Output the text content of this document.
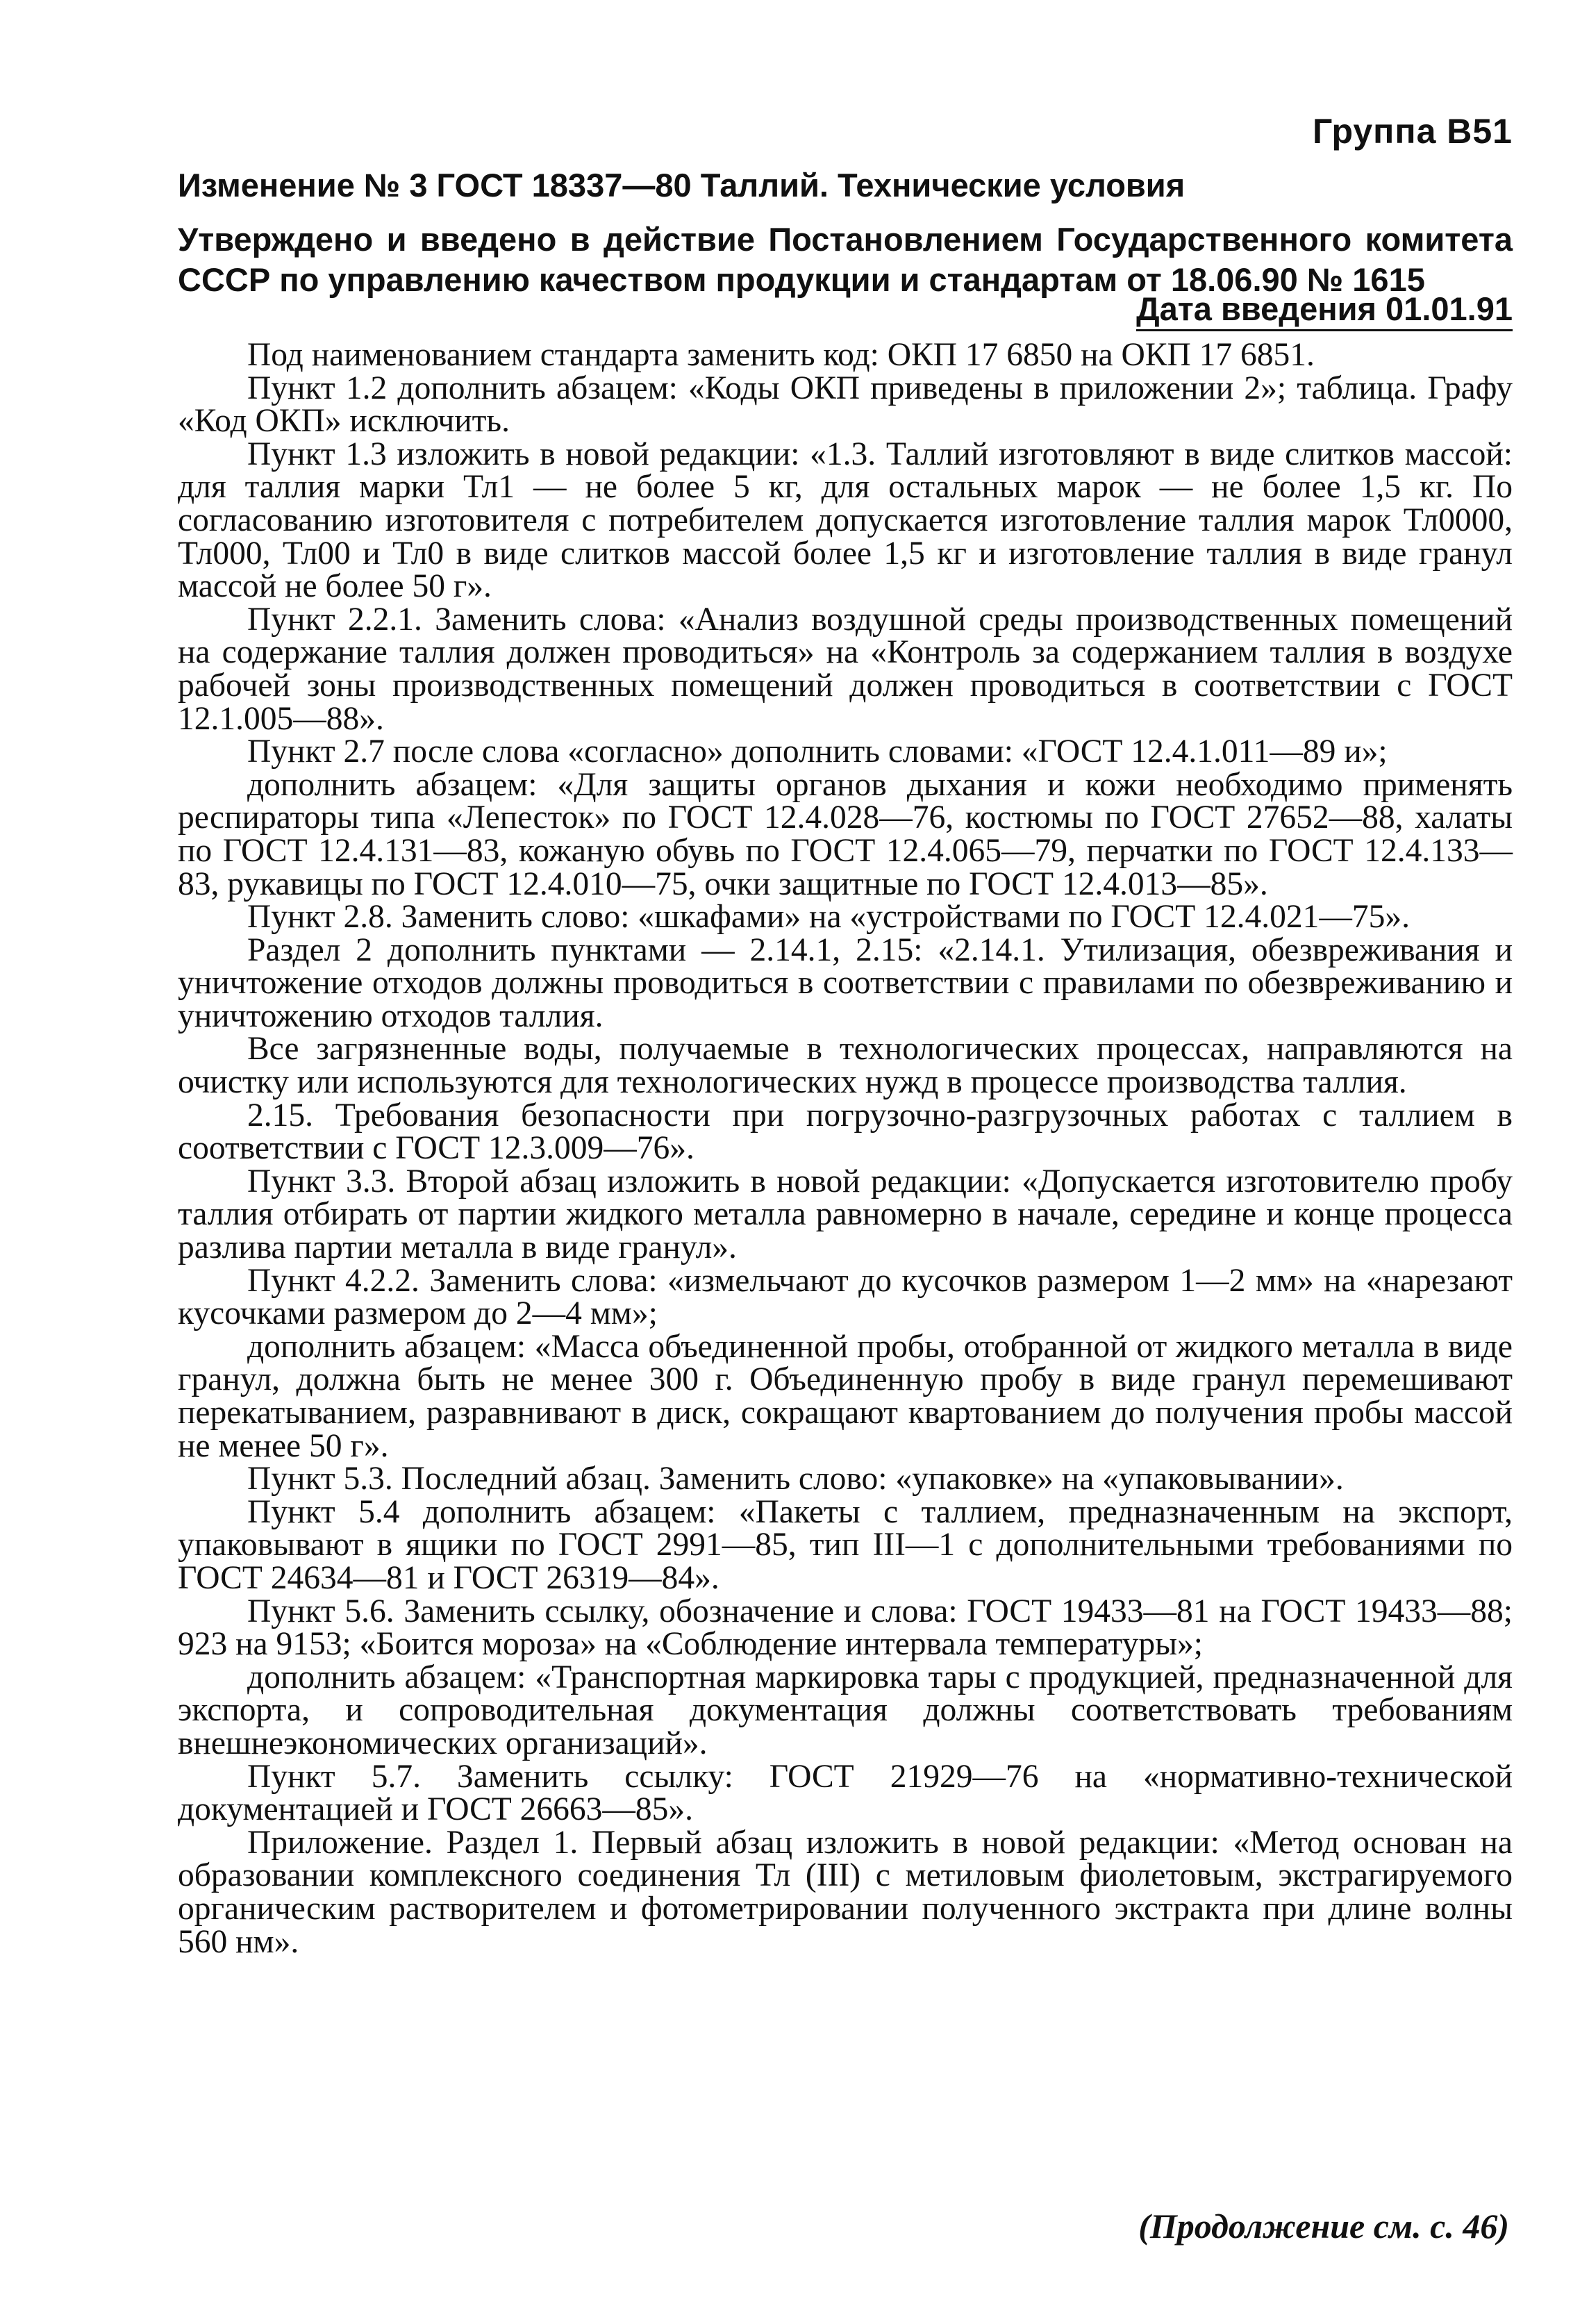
Группа В51
Изменение № 3 ГОСТ 18337—80 Таллий. Технические условия
Утверждено и введено в действие Постановлением Государственного комитета
СССР по управлению качеством продукции и стандартам от 18.06.90 № 1615
Дата введения 01.01.91

Под наименованием стандарта заменить код: ОКП 17 6850 на ОКП 17 6851.

Пункт 1.2 дополнить абзацем: «Коды ОКП приведены в приложении 2»; таблица. Графу «Код ОКП» исключить.

Пункт 1.3 изложить в новой редакции: «1.3. Таллий изготовляют в виде слитков массой: для таллия марки Тл1 — не более 5 кг, для остальных марок — не более 1,5 кг. По согласованию изготовителя с потребителем допускается изготовление таллия марок Тл0000, Тл000, Тл00 и Тл0 в виде слитков массой более 1,5 кг и изготовление таллия в виде гранул массой не более 50 г».

Пункт 2.2.1. Заменить слова: «Анализ воздушной среды производственных помещений на содержание таллия должен проводиться» на «Контроль за содержанием таллия в воздухе рабочей зоны производственных помещений должен проводиться в соответствии с ГОСТ 12.1.005—88».

Пункт 2.7 после слова «согласно» дополнить словами: «ГОСТ 12.4.1.011—89 и»;

дополнить абзацем: «Для защиты органов дыхания и кожи необходимо применять респираторы типа «Лепесток» по ГОСТ 12.4.028—76, костюмы по ГОСТ 27652—88, халаты по ГОСТ 12.4.131—83, кожаную обувь по ГОСТ 12.4.065—79, перчатки по ГОСТ 12.4.133—83, рукавицы по ГОСТ 12.4.010—75, очки защитные по ГОСТ 12.4.013—85».

Пункт 2.8. Заменить слово: «шкафами» на «устройствами по ГОСТ 12.4.021—75».

Раздел 2 дополнить пунктами — 2.14.1, 2.15: «2.14.1. Утилизация, обезвреживания и уничтожение отходов должны проводиться в соответствии с правилами по обезвреживанию и уничтожению отходов таллия.

Все загрязненные воды, получаемые в технологических процессах, направляются на очистку или используются для технологических нужд в процессе производства таллия.

2.15. Требования безопасности при погрузочно-разгрузочных работах с таллием в соответствии с ГОСТ 12.3.009—76».

Пункт 3.3. Второй абзац изложить в новой редакции: «Допускается изготовителю пробу таллия отбирать от партии жидкого металла равномерно в начале, середине и конце процесса разлива партии металла в виде гранул».

Пункт 4.2.2. Заменить слова: «измельчают до кусочков размером 1—2 мм» на «нарезают кусочками размером до 2—4 мм»;

дополнить абзацем: «Масса объединенной пробы, отобранной от жидкого металла в виде гранул, должна быть не менее 300 г. Объединенную пробу в виде гранул перемешивают перекатыванием, разравнивают в диск, сокращают квартованием до получения пробы массой не менее 50 г».

Пункт 5.3. Последний абзац. Заменить слово: «упаковке» на «упаковывании».

Пункт 5.4 дополнить абзацем: «Пакеты с таллием, предназначенным на экспорт, упаковывают в ящики по ГОСТ 2991—85, тип III—1 с дополнительными требованиями по ГОСТ 24634—81 и ГОСТ 26319—84».

Пункт 5.6. Заменить ссылку, обозначение и слова: ГОСТ 19433—81 на ГОСТ 19433—88; 923 на 9153; «Боится мороза» на «Соблюдение интервала температуры»;

дополнить абзацем: «Транспортная маркировка тары с продукцией, предназначенной для экспорта, и сопроводительная документация должны соответствовать требованиям внешнеэкономических организаций».

Пункт 5.7. Заменить ссылку: ГОСТ 21929—76 на «нормативно-технической документацией и ГОСТ 26663—85».

Приложение. Раздел 1. Первый абзац изложить в новой редакции: «Метод основан на образовании комплексного соединения Тл (III) с метиловым фиолетовым, экстрагируемого органическим растворителем и фотометрировании полученного экстракта при длине волны 560 нм».

(Продолжение см. с. 46)
